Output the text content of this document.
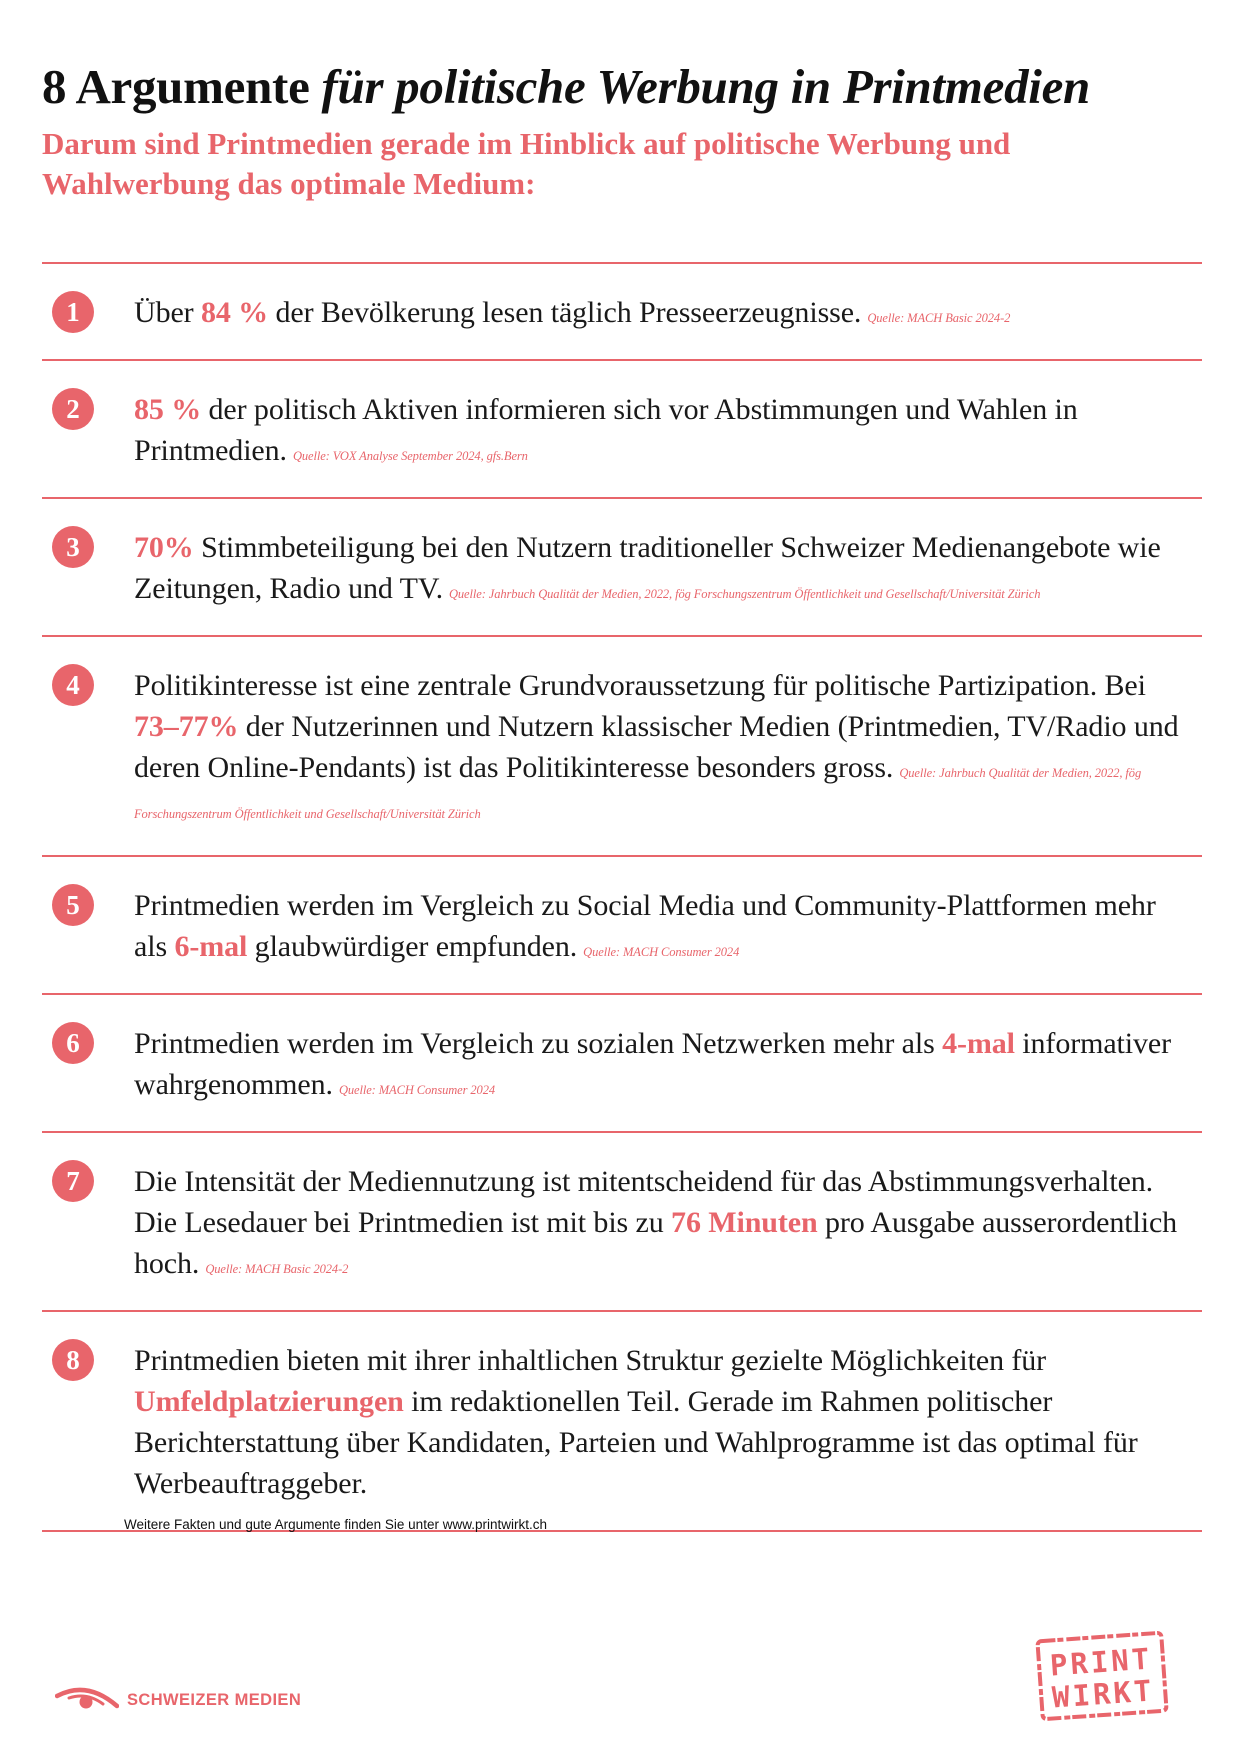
8 Argumente für politische Werbung in Printmedien

Darum sind Printmedien gerade im Hinblick auf politische Werbung und Wahlwerbung das optimale Medium:

1	Über 84 % der Bevölkerung lesen täglich Presseerzeugnisse. Quelle: MACH Basic 2024-2
2	85 % der politisch Aktiven informieren sich vor Abstimmungen und Wahlen in Printmedien. Quelle: VOX Analyse September 2024, gfs.Bern
3	70% Stimmbeteiligung bei den Nutzern traditioneller Schweizer Medienangebote wie Zeitungen, Radio und TV. Quelle: Jahrbuch Qualität der Medien, 2022, fög Forschungszentrum Öffentlichkeit und Gesellschaft/Universität Zürich
4	Politikinteresse ist eine zentrale Grundvoraussetzung für politische Partizipation. Bei 73–77% der Nutzerinnen und Nutzern klassischer Medien (Printmedien, TV/Radio und deren Online-Pendants) ist das Politikinteresse besonders gross. Quelle: Jahrbuch Qualität der Medien, 2022, fög Forschungszentrum Öffentlichkeit und Gesellschaft/Universität Zürich
5	Printmedien werden im Vergleich zu Social Media und Community-Plattformen mehr als 6-mal glaubwürdiger empfunden. Quelle: MACH Consumer 2024
6	Printmedien werden im Vergleich zu sozialen Netzwerken mehr als 4-mal informativer wahrgenommen. Quelle: MACH Consumer 2024
7	Die Intensität der Mediennutzung ist mitentscheidend für das Abstimmungsverhalten. Die Lesedauer bei Printmedien ist mit bis zu 76 Minuten pro Ausgabe ausserordentlich hoch. Quelle: MACH Basic 2024-2
8	Printmedien bieten mit ihrer inhaltlichen Struktur gezielte Möglichkeiten für Umfeldplatzierungen im redaktionellen Teil. Gerade im Rahmen politischer Berichterstattung über Kandidaten, Parteien und Wahlprogramme ist das optimal für Werbeauftraggeber.
Weitere Fakten und gute Argumente finden Sie unter www.printwirkt.ch
SCHWEIZER MEDIEN
PRINT
WIRKT
